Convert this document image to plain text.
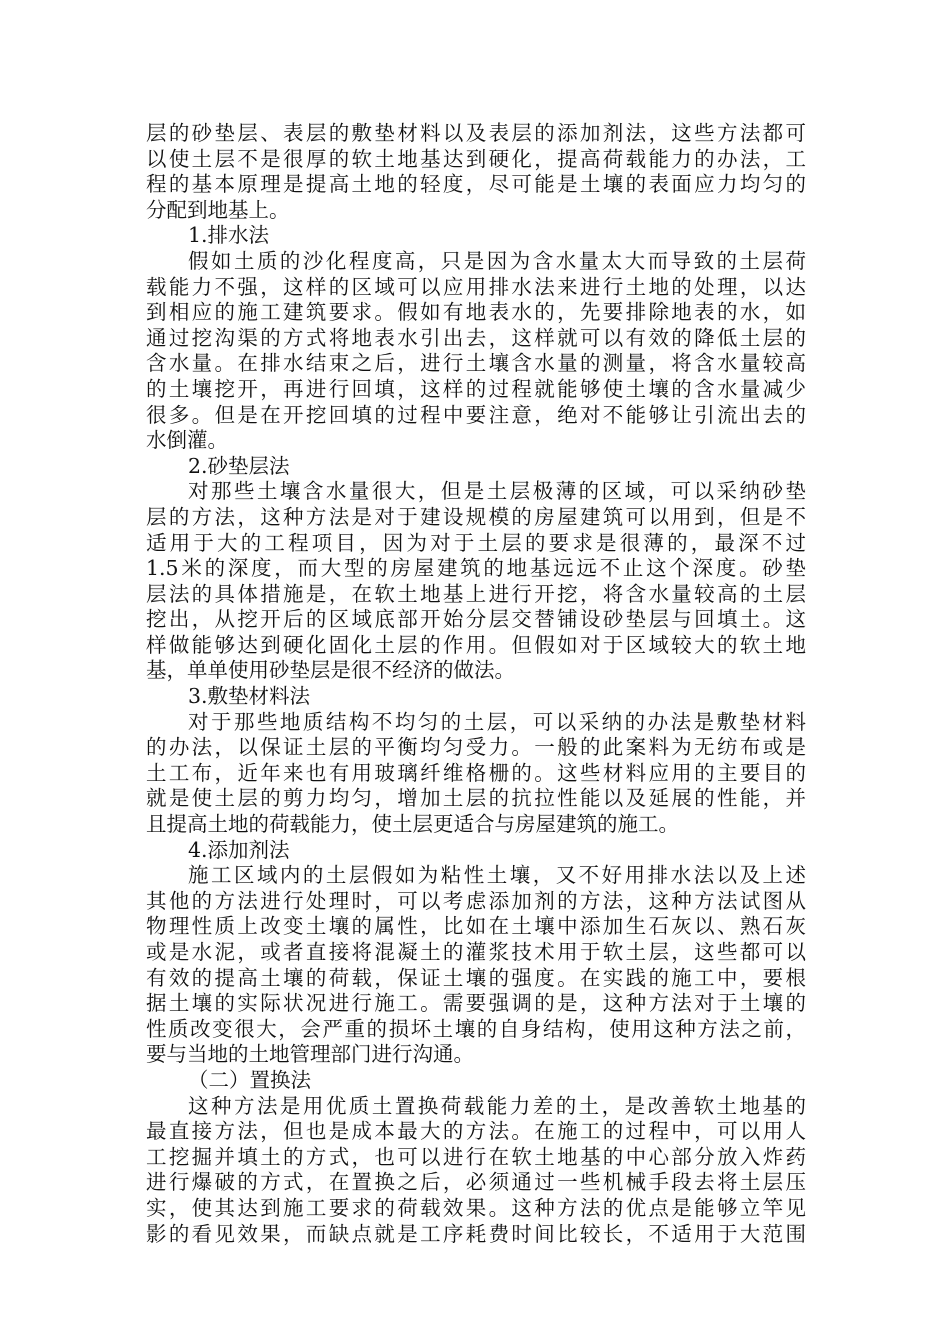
层的砂垫层、表层的敷垫材料以及表层的添加剂法，这些方法都可
以使土层不是很厚的软土地基达到硬化，提高荷载能力的办法，工
程的基本原理是提高土地的轻度，尽可能是土壤的表面应力均匀的
分配到地基上。
1.排水法
假如土质的沙化程度高，只是因为含水量太大而导致的土层荷
载能力不强，这样的区域可以应用排水法来进行土地的处理，以达
到相应的施工建筑要求。假如有地表水的，先要排除地表的水，如
通过挖沟渠的方式将地表水引出去，这样就可以有效的降低土层的
含水量。在排水结束之后，进行土壤含水量的测量，将含水量较高
的土壤挖开，再进行回填，这样的过程就能够使土壤的含水量减少
很多。但是在开挖回填的过程中要注意，绝对不能够让引流出去的
水倒灌。
2.砂垫层法
对那些土壤含水量很大，但是土层极薄的区域，可以采纳砂垫
层的方法，这种方法是对于建设规模的房屋建筑可以用到，但是不
适用于大的工程项目，因为对于土层的要求是很薄的，最深不过
1.5米的深度，而大型的房屋建筑的地基远远不止这个深度。砂垫
层法的具体措施是，在软土地基上进行开挖，将含水量较高的土层
挖出，从挖开后的区域底部开始分层交替铺设砂垫层与回填土。这
样做能够达到硬化固化土层的作用。但假如对于区域较大的软土地
基，单单使用砂垫层是很不经济的做法。
3.敷垫材料法
对于那些地质结构不均匀的土层，可以采纳的办法是敷垫材料
的办法，以保证土层的平衡均匀受力。一般的此案料为无纺布或是
土工布，近年来也有用玻璃纤维格栅的。这些材料应用的主要目的
就是使土层的剪力均匀，增加土层的抗拉性能以及延展的性能，并
且提高土地的荷载能力，使土层更适合与房屋建筑的施工。
4.添加剂法
施工区域内的土层假如为粘性土壤，又不好用排水法以及上述
其他的方法进行处理时，可以考虑添加剂的方法，这种方法试图从
物理性质上改变土壤的属性，比如在土壤中添加生石灰以、熟石灰
或是水泥，或者直接将混凝土的灌浆技术用于软土层，这些都可以
有效的提高土壤的荷载，保证土壤的强度。在实践的施工中，要根
据土壤的实际状况进行施工。需要强调的是，这种方法对于土壤的
性质改变很大，会严重的损坏土壤的自身结构，使用这种方法之前，
要与当地的土地管理部门进行沟通。
（二）置换法
这种方法是用优质土置换荷载能力差的土，是改善软土地基的
最直接方法，但也是成本最大的方法。在施工的过程中，可以用人
工挖掘并填土的方式，也可以进行在软土地基的中心部分放入炸药
进行爆破的方式，在置换之后，必须通过一些机械手段去将土层压
实，使其达到施工要求的荷载效果。这种方法的优点是能够立竿见
影的看见效果，而缺点就是工序耗费时间比较长，不适用于大范围
